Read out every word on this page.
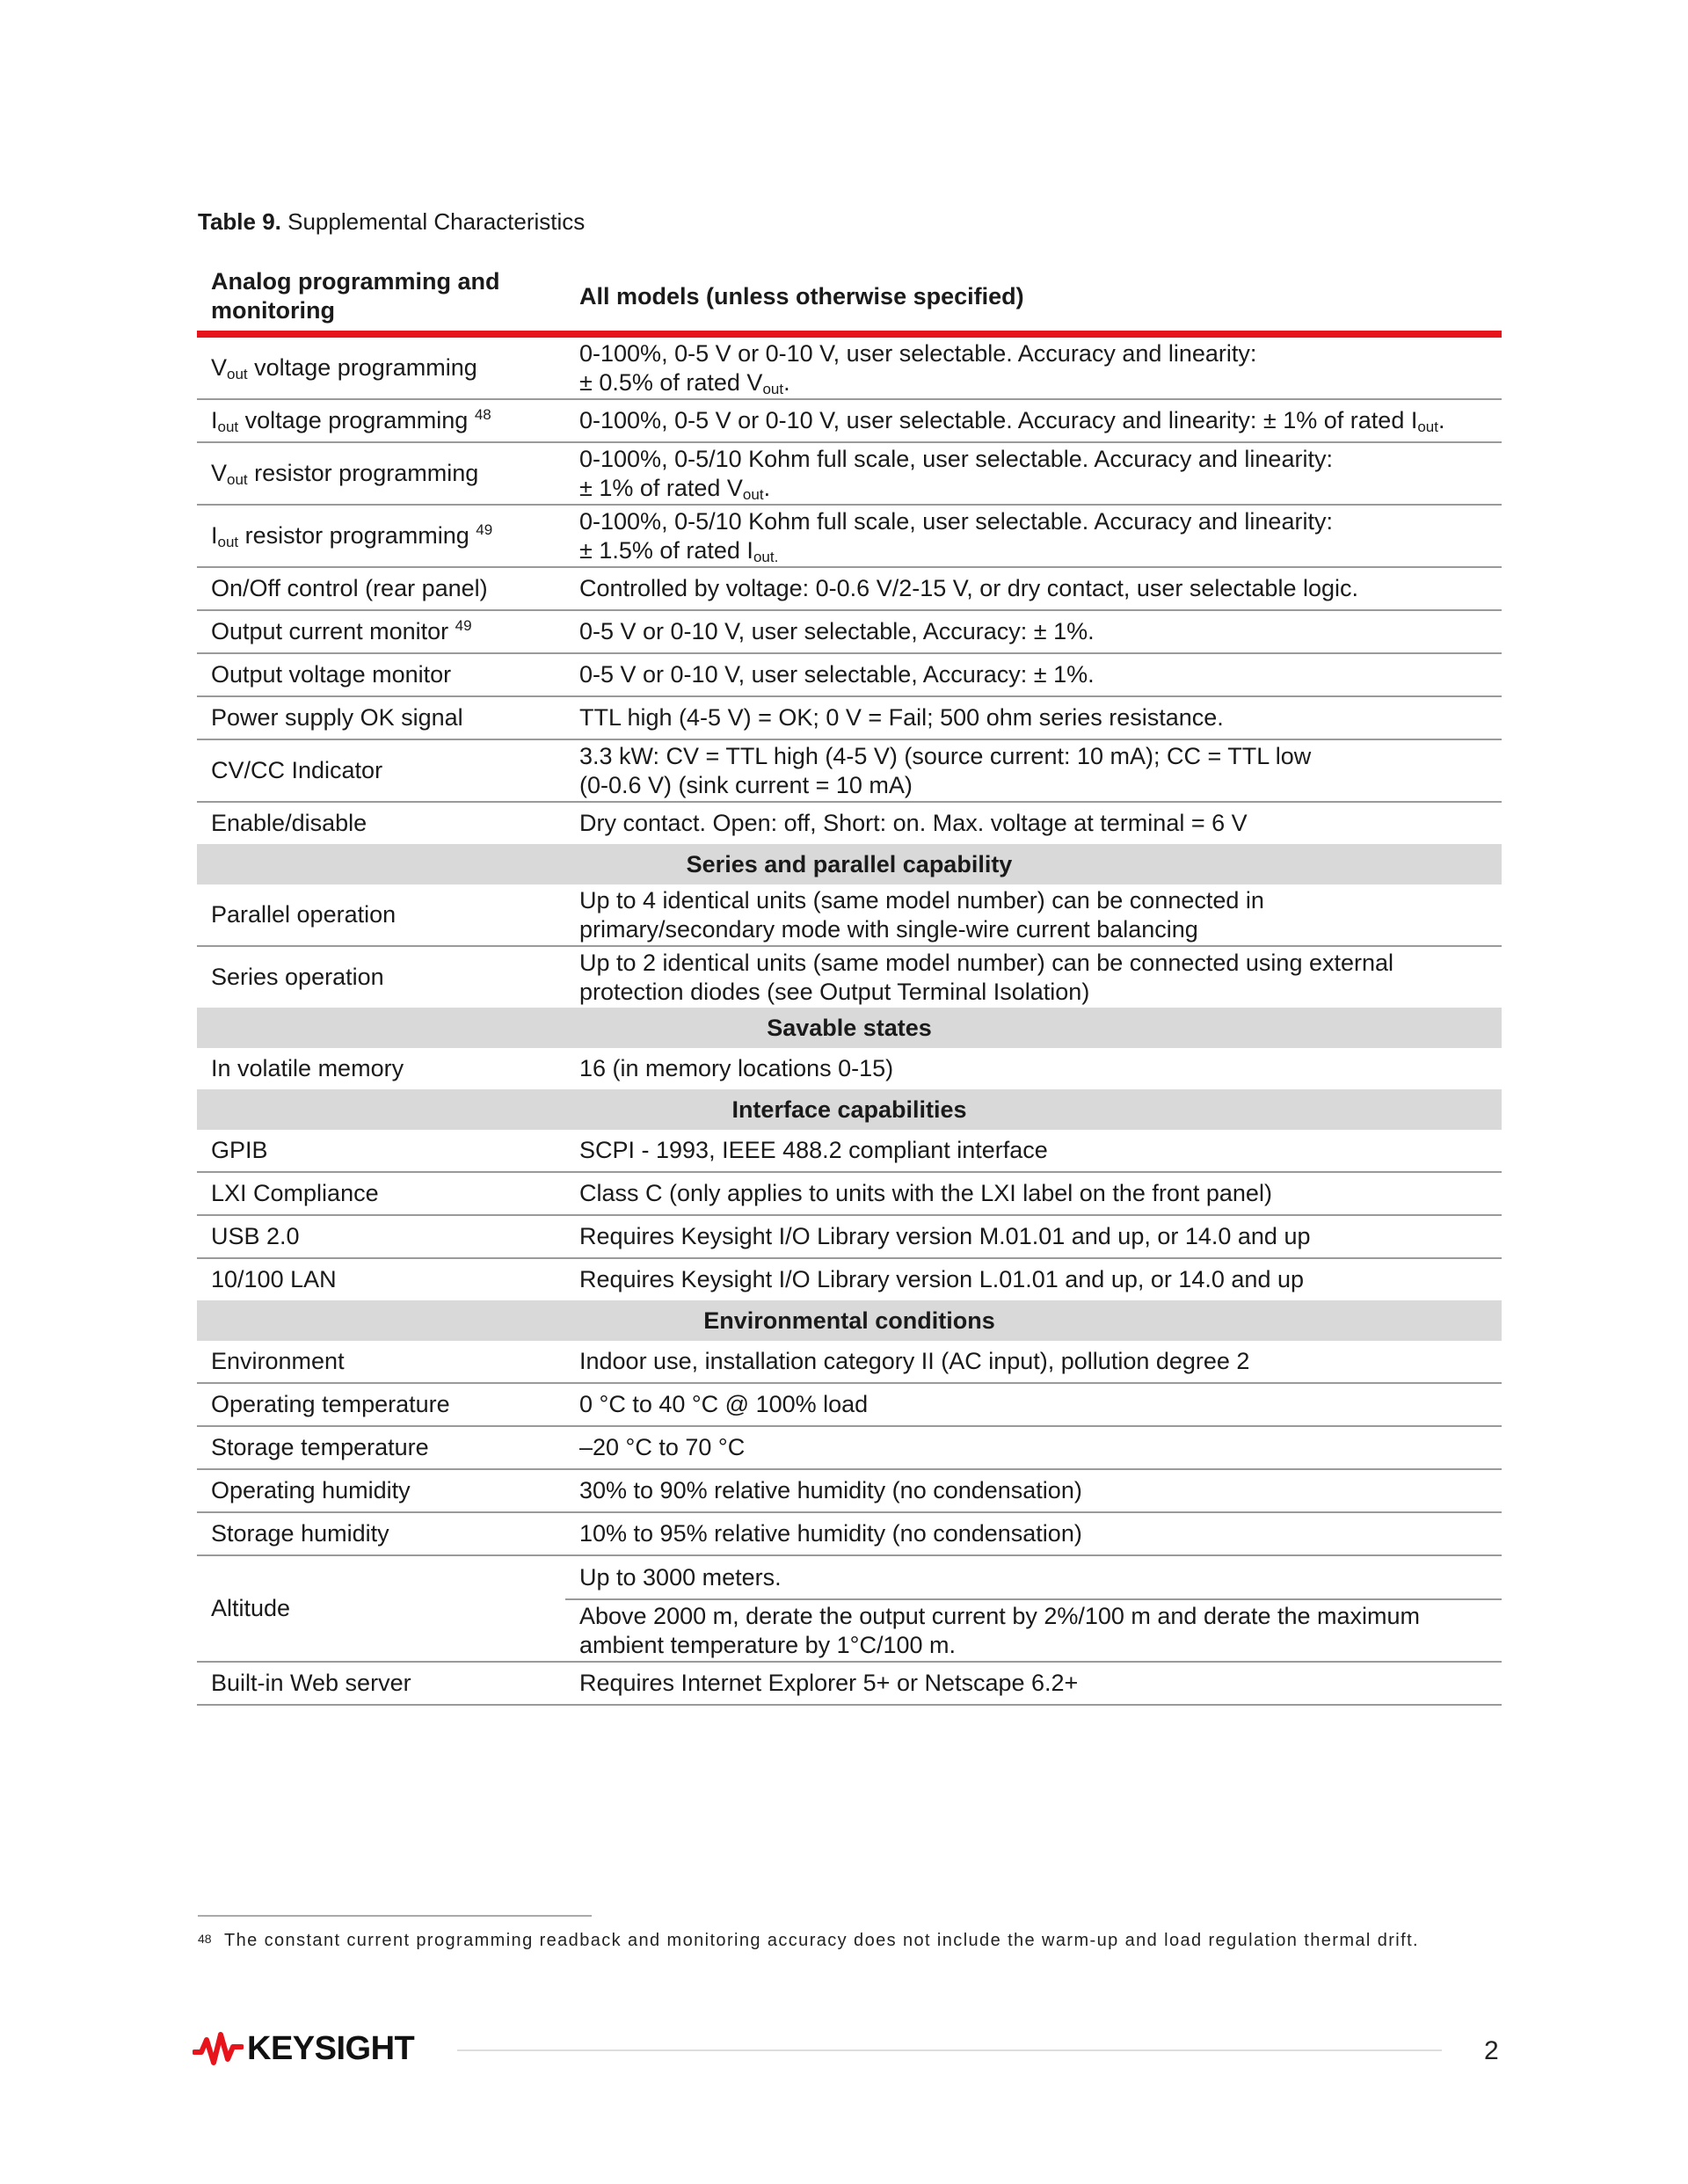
Table 9. Supplemental Characteristics
Analog programming and monitoring	All models (unless otherwise specified)
$V_{out}$ voltage programming	0-100%, 0-5 V or 0-10 V, user selectable. Accuracy and linearity:
± 0.5% of rated $V_{out}$.
$I_{out}$ voltage programming $^{48}$	0-100%, 0-5 V or 0-10 V, user selectable. Accuracy and linearity: ± 1% of rated $I_{out}$.
$V_{out}$ resistor programming	0-100%, 0-5/10 Kohm full scale, user selectable. Accuracy and linearity:
± 1% of rated $V_{out}$.
$I_{out}$ resistor programming $^{49}$	0-100%, 0-5/10 Kohm full scale, user selectable. Accuracy and linearity:
± 1.5% of rated $I_{out.}$
On/Off control (rear panel)	Controlled by voltage: 0-0.6 V/2-15 V, or dry contact, user selectable logic.
Output current monitor $^{49}$	0-5 V or 0-10 V, user selectable, Accuracy: ± 1%.
Output voltage monitor	0-5 V or 0-10 V, user selectable, Accuracy: ± 1%.
Power supply OK signal	TTL high (4-5 V) = OK; 0 V = Fail; 500 ohm series resistance.
CV/CC Indicator	3.3 kW: CV = TTL high (4-5 V) (source current: 10 mA); CC = TTL low
(0-0.6 V) (sink current = 10 mA)
Enable/disable	Dry contact. Open: off, Short: on. Max. voltage at terminal = 6 V
Series and parallel capability	
Parallel operation	Up to 4 identical units (same model number) can be connected in
primary/secondary mode with single-wire current balancing
Series operation	Up to 2 identical units (same model number) can be connected using external
protection diodes (see Output Terminal Isolation)
Savable states	
In volatile memory	16 (in memory locations 0-15)
Interface capabilities	
GPIB	SCPI - 1993, IEEE 488.2 compliant interface
LXI Compliance	Class C (only applies to units with the LXI label on the front panel)
USB 2.0	Requires Keysight I/O Library version M.01.01 and up, or 14.0 and up
10/100 LAN	Requires Keysight I/O Library version L.01.01 and up, or 14.0 and up
Environmental conditions	
Environment	Indoor use, installation category II (AC input), pollution degree 2
Operating temperature	0 °C to 40 °C @ 100% load
Storage temperature	–20 °C to 70 °C
Operating humidity	30% to 90% relative humidity (no condensation)
Storage humidity	10% to 95% relative humidity (no condensation)
Altitude	Up to 3000 meters.
	Above 2000 m, derate the output current by 2%/100 m and derate the maximum
ambient temperature by 1°C/100 m.
Built-in Web server	Requires Internet Explorer 5+ or Netscape 6.2+
48 The constant current programming readback and monitoring accuracy does not include the warm-up and load regulation thermal drift.
KEYSIGHT	2
